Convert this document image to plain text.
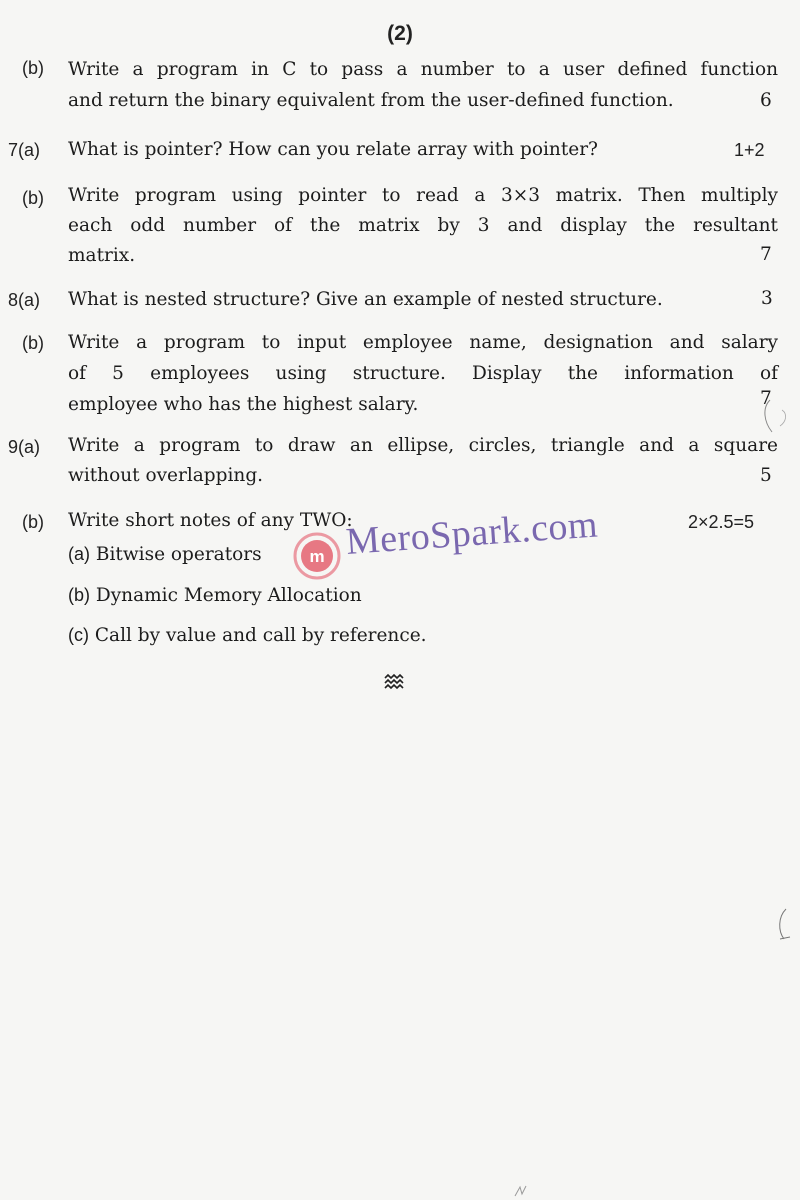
(2)
(b) Write a program in C to pass a number to a user defined function
and return the binary equivalent from the user-defined function.	6
7(a) What is pointer? How can you relate array with pointer?	1+2
(b) Write program using pointer to read a 3×3 matrix. Then multiply
each odd number of the matrix by 3 and display the resultant
matrix.	7
8(a) What is nested structure? Give an example of nested structure.	3
(b) Write a program to input employee name, designation and salary
of 5 employees using structure. Display the information of
employee who has the highest salary.	7
9(a) Write a program to draw an ellipse, circles, triangle and a square
without overlapping.	5
(b) Write short notes of any TWO:	2×2.5=5
(a) Bitwise operators
(b) Dynamic Memory Allocation
(c) Call by value and call by reference.
m MeroSpark.com
